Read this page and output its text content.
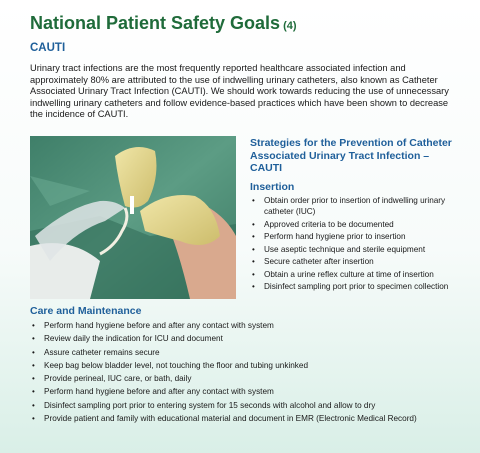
National Patient Safety Goals (4)
CAUTI
Urinary tract infections are the most frequently reported healthcare associated infection and approximately 80% are attributed to the use of indwelling urinary catheters, also known as Catheter Associated Urinary Tract Infection (CAUTI). We should work towards reducing the use of unnecessary indwelling urinary catheters and follow evidence-based practices which have been shown to decrease the incidence of CAUTI.
Strategies for the Prevention of Catheter Associated Urinary Tract Infection – CAUTI
Insertion
• Obtain order prior to insertion of indwelling urinary catheter (IUC)
• Approved criteria to be documented
• Perform hand hygiene prior to insertion
• Use aseptic technique and sterile equipment
• Secure catheter after insertion
• Obtain a urine reflex culture at time of insertion
• Disinfect sampling port prior to specimen collection
Care and Maintenance
• Perform hand hygiene before and after any contact with system
• Review daily the indication for ICU and document
• Assure catheter remains secure
• Keep bag below bladder level, not touching the floor and tubing unkinked
• Provide perineal, IUC care, or bath, daily
• Perform hand hygiene before and after any contact with system
• Disinfect sampling port prior to entering system for 15 seconds with alcohol and allow to dry
• Provide patient and family with educational material and document in EMR (Electronic Medical Record)
